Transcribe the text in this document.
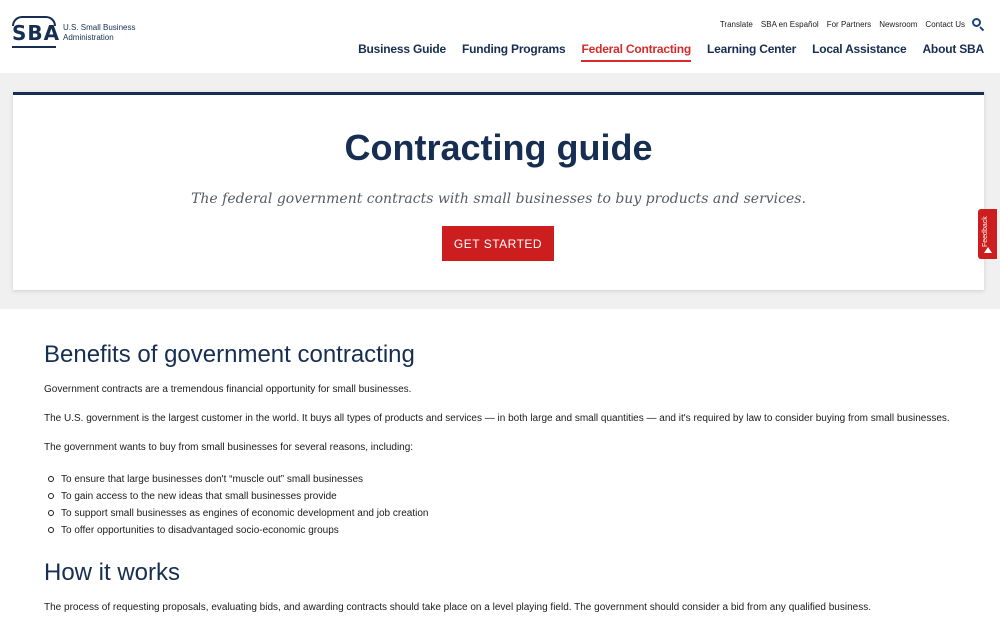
SBA U.S. Small Business
Administration
Translate SBA en Español For Partners Newsroom Contact Us
Business Guide Funding Programs Federal Contracting Learning Center Local Assistance About SBA
Contracting guide
The federal government contracts with small businesses to buy products and services.
GET STARTED	Feedback
Benefits of government contracting

Government contracts are a tremendous financial opportunity for small businesses.

The U.S. government is the largest customer in the world. It buys all types of products and services — in both large and small quantities — and it's required by law to consider buying from small businesses.

The government wants to buy from small businesses for several reasons, including:

To ensure that large businesses don't “muscle out” small businesses
To gain access to the new ideas that small businesses provide
To support small businesses as engines of economic development and job creation
To offer opportunities to disadvantaged socio-economic groups
How it works

The process of requesting proposals, evaluating bids, and awarding contracts should take place on a level playing field. The government should consider a bid from any qualified business.
